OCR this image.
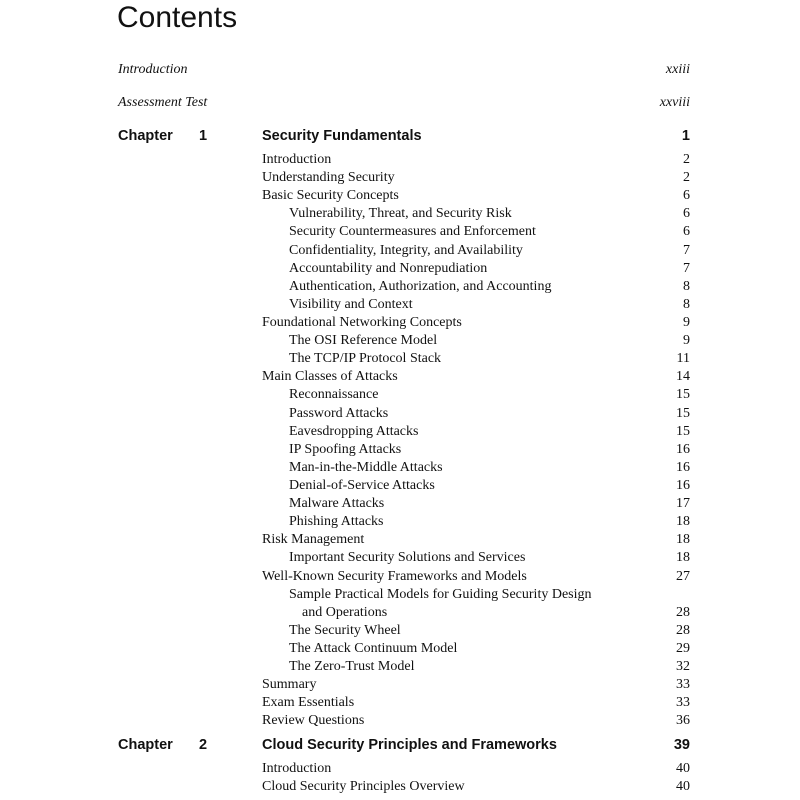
Contents
Introduction	xxiii
Assessment Test	xxviii
Chapter 1	Security Fundamentals	1
Introduction	2
Understanding Security	2
Basic Security Concepts	6
Vulnerability, Threat, and Security Risk	6
Security Countermeasures and Enforcement	6
Confidentiality, Integrity, and Availability	7
Accountability and Nonrepudiation	7
Authentication, Authorization, and Accounting	8
Visibility and Context	8
Foundational Networking Concepts	9
The OSI Reference Model	9
The TCP/IP Protocol Stack	11
Main Classes of Attacks	14
Reconnaissance	15
Password Attacks	15
Eavesdropping Attacks	15
IP Spoofing Attacks	16
Man-in-the-Middle Attacks	16
Denial-of-Service Attacks	16
Malware Attacks	17
Phishing Attacks	18
Risk Management	18
Important Security Solutions and Services	18
Well-Known Security Frameworks and Models	27
Sample Practical Models for Guiding Security Design
and Operations	28
The Security Wheel	28
The Attack Continuum Model	29
The Zero-Trust Model	32
Summary	33
Exam Essentials	33
Review Questions	36
Chapter 2	Cloud Security Principles and Frameworks	39
Introduction	40
Cloud Security Principles Overview	40
